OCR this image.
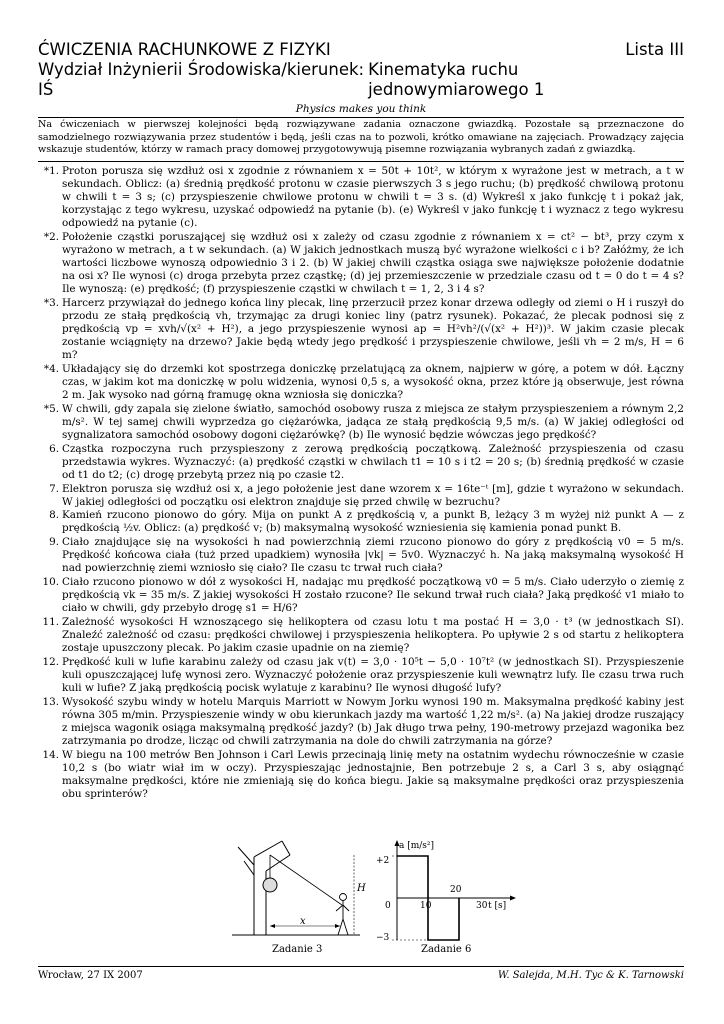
ĆWICZENIA RACHUNKOWE Z FIZYKI	Lista III
Wydział Inżynierii Środowiska/kierunek: IŚ
Kinematyka ruchu jednowymiarowego 1
Physics makes you think
Na ćwiczeniach w pierwszej kolejności będą rozwiązywane zadania oznaczone gwiazdką. Pozostałe są przeznaczone do samodzielnego rozwiązywania przez studentów i będą, jeśli czas na to pozwoli, krótko omawiane na zajęciach. Prowadzący zajęcia wskazuje studentów, którzy w ramach pracy domowej przygotowywują pisemne rozwiązania wybranych zadań z gwiazdką.
*1. Proton porusza się wzdłuż osi x zgodnie z równaniem x = 50t + 10t², w którym x wyrażone jest w metrach, a t w sekundach. Oblicz: (a) średnią prędkość protonu w czasie pierwszych 3 s jego ruchu; (b) prędkość chwilową protonu w chwili t = 3 s; (c) przyspieszenie chwilowe protonu w chwili t = 3 s. (d) Wykreśl x jako funkcję t i pokaż jak, korzystając z tego wykresu, uzyskać odpowiedź na pytanie (b). (e) Wykreśl v jako funkcję t i wyznacz z tego wykresu odpowiedź na pytanie (c).
*2. Położenie cząstki poruszającej się wzdłuż osi x zależy od czasu zgodnie z równaniem x = ct² − bt³, przy czym x wyrażono w metrach, a t w sekundach. (a) W jakich jednostkach muszą być wyrażone wielkości c i b? Załóżmy, że ich wartości liczbowe wynoszą odpowiednio 3 i 2. (b) W jakiej chwili cząstka osiąga swe największe położenie dodatnie na osi x? Ile wynosi (c) droga przebyta przez cząstkę; (d) jej przemieszczenie w przedziale czasu od t = 0 do t = 4 s? Ile wynoszą: (e) prędkość; (f) przyspieszenie cząstki w chwilach t = 1, 2, 3 i 4 s?
*3. Harcerz przywiązał do jednego końca liny plecak, linę przerzucił przez konar drzewa odległy od ziemi o H i ruszył do przodu ze stałą prędkością vh, trzymając za drugi koniec liny (patrz rysunek). Pokazać, że plecak podnosi się z prędkością vp = xvh/√(x² + H²), a jego przyspieszenie wynosi ap = H²vh²/(√(x² + H²))³. W jakim czasie plecak zostanie wciągnięty na drzewo? Jakie będą wtedy jego prędkość i przyspieszenie chwilowe, jeśli vh = 2 m/s, H = 6 m?
*4. Układający się do drzemki kot spostrzega doniczkę przelatującą za oknem, najpierw w górę, a potem w dół. Łączny czas, w jakim kot ma doniczkę w polu widzenia, wynosi 0,5 s, a wysokość okna, przez które ją obserwuje, jest równa 2 m. Jak wysoko nad górną framugę okna wzniosła się doniczka?
*5. W chwili, gdy zapala się zielone światło, samochód osobowy rusza z miejsca ze stałym przyspieszeniem a równym 2,2 m/s². W tej samej chwili wyprzedza go ciężarówka, jadąca ze stałą prędkością 9,5 m/s. (a) W jakiej odległości od sygnalizatora samochód osobowy dogoni ciężarówkę? (b) Ile wynosić będzie wówczas jego prędkość?
6. Cząstka rozpoczyna ruch przyspieszony z zerową prędkością początkową. Zależność przyspieszenia od czasu przedstawia wykres. Wyznaczyć: (a) prędkość cząstki w chwilach t1 = 10 s i t2 = 20 s; (b) średnią prędkość w czasie od t1 do t2; (c) drogę przebytą przez nią po czasie t2.
7. Elektron porusza się wzdłuż osi x, a jego położenie jest dane wzorem x = 16te⁻ᵗ [m], gdzie t wyrażono w sekundach. W jakiej odległości od początku osi elektron znajduje się przed chwilę w bezruchu?
8. Kamień rzucono pionowo do góry. Mija on punkt A z prędkością v, a punkt B, leżący 3 m wyżej niż punkt A — z prędkością ½v. Oblicz: (a) prędkość v; (b) maksymalną wysokość wzniesienia się kamienia ponad punkt B.
9. Ciało znajdujące się na wysokości h nad powierzchnią ziemi rzucono pionowo do góry z prędkością v0 = 5 m/s. Prędkość końcowa ciała (tuż przed upadkiem) wynosiła |vk| = 5v0. Wyznaczyć h. Na jaką maksymalną wysokość H nad powierzchnię ziemi wzniosło się ciało? Ile czasu tc trwał ruch ciała?
10. Ciało rzucono pionowo w dół z wysokości H, nadając mu prędkość początkową v0 = 5 m/s. Ciało uderzyło o ziemię z prędkością vk = 35 m/s. Z jakiej wysokości H zostało rzucone? Ile sekund trwał ruch ciała? Jaką prędkość v1 miało to ciało w chwili, gdy przebyło drogę s1 = H/6?
11. Zależność wysokości H wznoszącego się helikoptera od czasu lotu t ma postać H = 3,0 · t³ (w jednostkach SI). Znaleźć zależność od czasu: prędkości chwilowej i przyspieszenia helikoptera. Po upływie 2 s od startu z helikoptera zostaje upuszczony plecak. Po jakim czasie upadnie on na ziemię?
12. Prędkość kuli w lufie karabinu zależy od czasu jak v(t) = 3,0 · 10⁵t − 5,0 · 10⁷t² (w jednostkach SI). Przyspieszenie kuli opuszczającej lufę wynosi zero. Wyznaczyć położenie oraz przyspieszenie kuli wewnątrz lufy. Ile czasu trwa ruch kuli w lufie? Z jaką prędkością pocisk wylatuje z karabinu? Ile wynosi długość lufy?
13. Wysokość szybu windy w hotelu Marquis Marriott w Nowym Jorku wynosi 190 m. Maksymalna prędkość kabiny jest równa 305 m/min. Przyspieszenie windy w obu kierunkach jazdy ma wartość 1,22 m/s². (a) Na jakiej drodze ruszający z miejsca wagonik osiąga maksymalną prędkość jazdy? (b) Jak długo trwa pełny, 190-metrowy przejazd wagonika bez zatrzymania po drodze, licząc od chwili zatrzymania na dole do chwili zatrzymania na górze?
14. W biegu na 100 metrów Ben Johnson i Carl Lewis przecinają linię mety na ostatnim wydechu równocześnie w czasie 10,2 s (bo wiatr wiał im w oczy). Przyspieszając jednostajnie, Ben potrzebuje 2 s, a Carl 3 s, aby osiągnąć maksymalne prędkości, które nie zmieniają się do końca biegu. Jakie są maksymalne prędkości oraz przyspieszenia obu sprinterów?
H
x
Zadanie 3
a [m/s²]
t [s]
+2
−3
0	10
20
30
Zadanie 6
Wrocław, 27 IX 2007	W. Salejda, M.H. Tyc & K. Tarnowski
